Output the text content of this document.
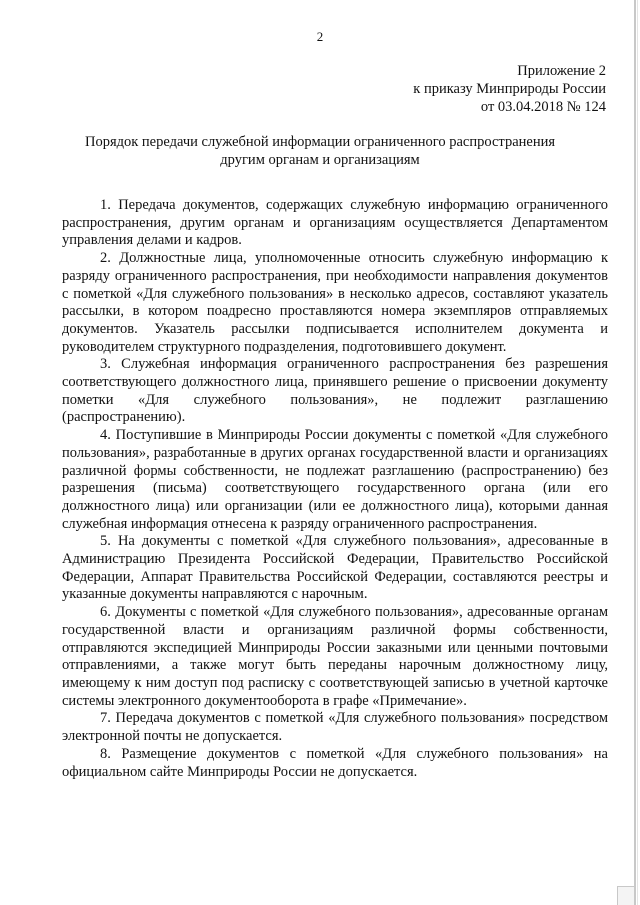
2
Приложение 2
к приказу Минприроды России
от 03.04.2018 № 124
Порядок передачи служебной информации ограниченного распространения
другим органам и организациям

1. Передача документов, содержащих служебную информацию ограниченного распространения, другим органам и организациям осуществляется Департаментом управления делами и кадров.

2. Должностные лица, уполномоченные относить служебную информацию к разряду ограниченного распространения, при необходимости направления документов с пометкой «Для служебного пользования» в несколько адресов, составляют указатель рассылки, в котором поадресно проставляются номера экземпляров отправляемых документов. Указатель рассылки подписывается исполнителем документа и руководителем структурного подразделения, подготовившего документ.

3. Служебная информация ограниченного распространения без разрешения соответствующего должностного лица, принявшего решение о присвоении документу пометки «Для служебного пользования», не подлежит разглашению (распространению).

4. Поступившие в Минприроды России документы с пометкой «Для служебного пользования», разработанные в других органах государственной власти и организациях различной формы собственности, не подлежат разглашению (распространению) без разрешения (письма) соответствующего государственного органа (или его должностного лица) или организации (или ее должностного лица), которыми данная служебная информация отнесена к разряду ограниченного распространения.

5. На документы с пометкой «Для служебного пользования», адресованные в Администрацию Президента Российской Федерации, Правительство Российской Федерации, Аппарат Правительства Российской Федерации, составляются реестры и указанные документы направляются с нарочным.

6. Документы с пометкой «Для служебного пользования», адресованные органам государственной власти и организациям различной формы собственности, отправляются экспедицией Минприроды России заказными или ценными почтовыми отправлениями, а также могут быть переданы нарочным должностному лицу, имеющему к ним доступ под расписку с соответствующей записью в учетной карточке системы электронного документооборота в графе «Примечание».

7. Передача документов с пометкой «Для служебного пользования» посредством электронной почты не допускается.

8. Размещение документов с пометкой «Для служебного пользования» на официальном сайте Минприроды России не допускается.
